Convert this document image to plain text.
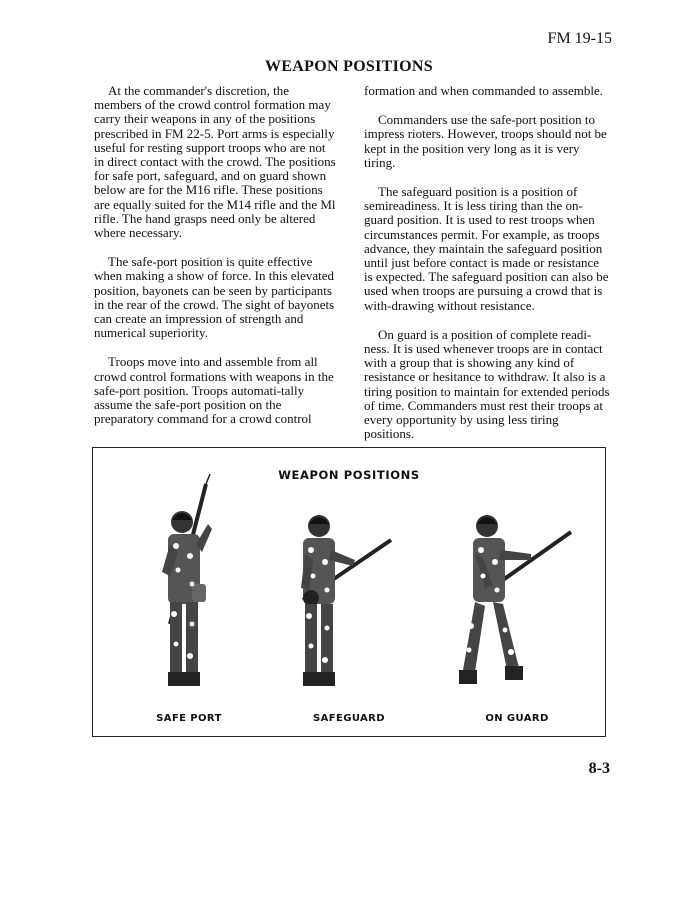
FM 19-15
WEAPON POSITIONS

At the commander's discretion, the members of the crowd control formation may carry their weapons in any of the positions prescribed in FM 22-5. Port arms is especially useful for resting support troops who are not in direct contact with the crowd. The positions for safe port, safeguard, and on guard shown below are for the M16 rifle. These positions are equally suited for the M14 rifle and the Ml rifle. The hand grasps need only be altered where necessary.

The safe-port position is quite effective when making a show of force. In this elevated position, bayonets can be seen by participants in the rear of the crowd. The sight of bayonets can create an impression of strength and numerical superiority.

Troops move into and assemble from all crowd control formations with weapons in the safe-port position. Troops automati-tally assume the safe-port position on the preparatory command for a crowd control

formation and when commanded to assemble.

Commanders use the safe-port position to impress rioters. However, troops should not be kept in the position very long as it is very tiring.

The safeguard position is a position of semireadiness. It is less tiring than the on-guard position. It is used to rest troops when circumstances permit. For example, as troops advance, they maintain the safeguard position until just before contact is made or resistance is expected. The safeguard position can also be used when troops are pursuing a crowd that is with-drawing without resistance.

On guard is a position of complete readi-ness. It is used whenever troops are in contact with a group that is showing any kind of resistance or hesitance to withdraw. It also is a tiring position to maintain for extended periods of time. Commanders must rest their troops at every opportunity by using less tiring positions.

WEAPON POSITIONS
SAFE PORT	SAFEGUARD	ON GUARD
8-3
